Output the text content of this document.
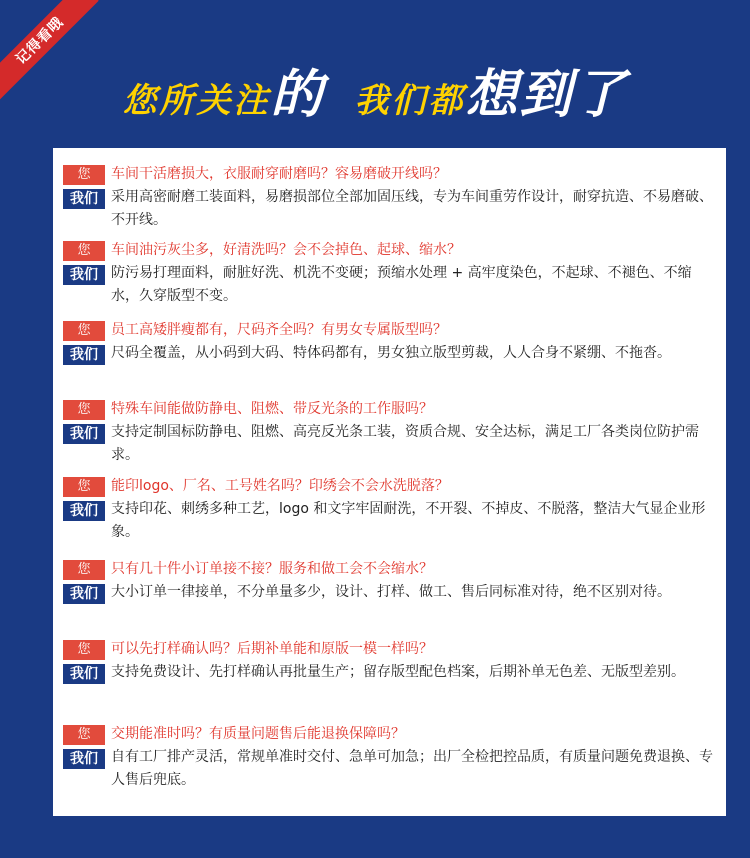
记得看哦
您所关注的 我们都想到了
您	车间干活磨损大，衣服耐穿耐磨吗？容易磨破开线吗？
我们 采用高密耐磨工装面料，易磨损部位全部加固压线，专为车间重劳作设计，耐穿抗造、不易磨破、不开线。
您	车间油污灰尘多，好清洗吗？会不会掉色、起球、缩水？
我们 防污易打理面料，耐脏好洗、机洗不变硬；预缩水处理 + 高牢度染色，不起球、不褪色、不缩水，久穿版型不变。
您	员工高矮胖瘦都有，尺码齐全吗？有男女专属版型吗？
我们 尺码全覆盖，从小码到大码、特体码都有，男女独立版型剪裁，人人合身不紧绷、不拖沓。
您	特殊车间能做防静电、阻燃、带反光条的工作服吗？
我们 支持定制国标防静电、阻燃、高亮反光条工装，资质合规、安全达标，满足工厂各类岗位防护需求。
您	能印logo、厂名、工号姓名吗？印绣会不会水洗脱落？
我们 支持印花、刺绣多种工艺，logo 和文字牢固耐洗，不开裂、不掉皮、不脱落，整洁大气显企业形象。
您	只有几十件小订单接不接？服务和做工会不会缩水？
我们 大小订单一律接单，不分单量多少，设计、打样、做工、售后同标准对待，绝不区别对待。
您	可以先打样确认吗？后期补单能和原版一模一样吗？
我们 支持免费设计、先打样确认再批量生产；留存版型配色档案，后期补单无色差、无版型差别。
您	交期能准时吗？有质量问题售后能退换保障吗？
我们 自有工厂排产灵活，常规单准时交付、急单可加急；出厂全检把控品质，有质量问题免费退换、专人售后兜底。
